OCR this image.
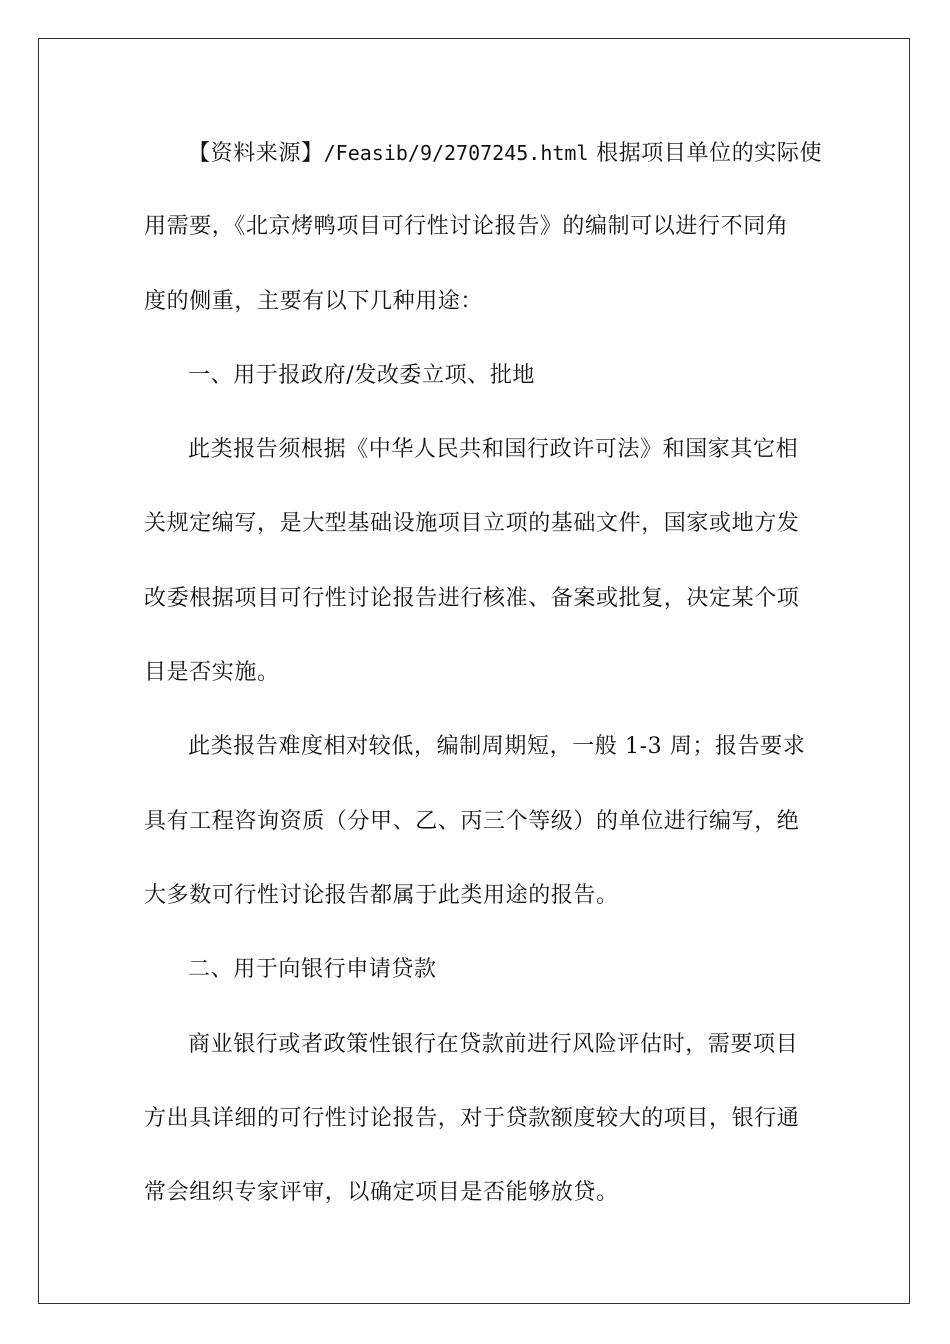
【资料来源】/Feasib/9/2707245.html 根据项目单位的实际使
用需要，《北京烤鸭项目可行性讨论报告》的编制可以进行不同角
度的侧重，主要有以下几种用途：
一、用于报政府/发改委立项、批地
此类报告须根据《中华人民共和国行政许可法》和国家其它相
关规定编写，是大型基础设施项目立项的基础文件，国家或地方发
改委根据项目可行性讨论报告进行核准、备案或批复，决定某个项
目是否实施。
此类报告难度相对较低，编制周期短，一般 1-3 周；报告要求
具有工程咨询资质（分甲、乙、丙三个等级）的单位进行编写，绝
大多数可行性讨论报告都属于此类用途的报告。
二、用于向银行申请贷款
商业银行或者政策性银行在贷款前进行风险评估时，需要项目
方出具详细的可行性讨论报告，对于贷款额度较大的项目，银行通
常会组织专家评审，以确定项目是否能够放贷。
